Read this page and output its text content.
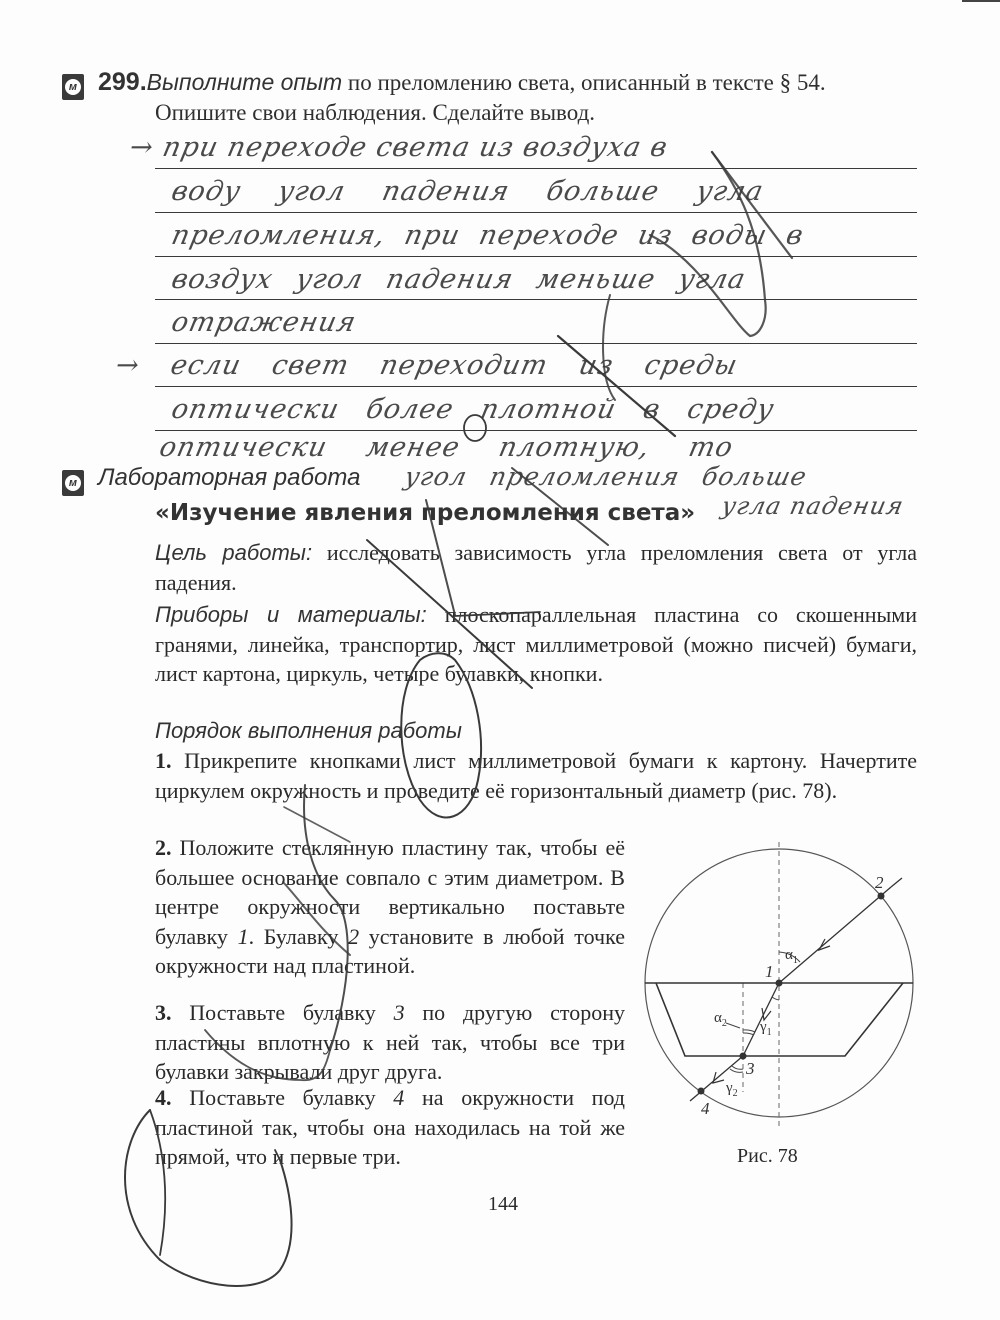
м 299.Выполните опыт по преломлению света, описанный в тексте § 54.
Опишите свои наблюдения. Сделайте вывод.
→ при переходе света из воздуха в
воду угол падения больше угла
преломления, при переходе из воды в
воздух угол падения меньше угла
отражения
→ если свет переходит из среды
оптически более плотной в среду
оптически менее плотную, то
угол преломления больше
угла падения
м Лабораторная работа
«Изучение явления преломления света»
Цель работы: исследовать зависимость угла преломления света от угла падения.
Приборы и материалы: плоскопараллельная пластина со скошенными гранями, линейка, транспортир, лист миллиметровой (можно писчей) бумаги, лист картона, циркуль, четыре булавки, кнопки.
Порядок выполнения работы
1. Прикрепите кнопками лист миллиметровой бумаги к картону. Начертите циркулем окружность и проведите её горизонтальный диаметр (рис. 78).
2. Положите стеклянную пластину так, чтобы её большее основание совпало с этим диаметром. В центре окружности вертикально поставьте булавку 1. Булавку 2 установите в любой точке окружности над пластиной.
3. Поставьте булавку 3 по другую сторону пластины вплотную к ней так, чтобы все три булавки закрывали друг друга.
4. Поставьте булавку 4 на окружности под пластиной так, чтобы она находилась на той же прямой, что и первые три.
1
2
3
4
$\alpha_1$
$\alpha_2$ $\gamma_1$
$\gamma_2$
Рис. 78
144
